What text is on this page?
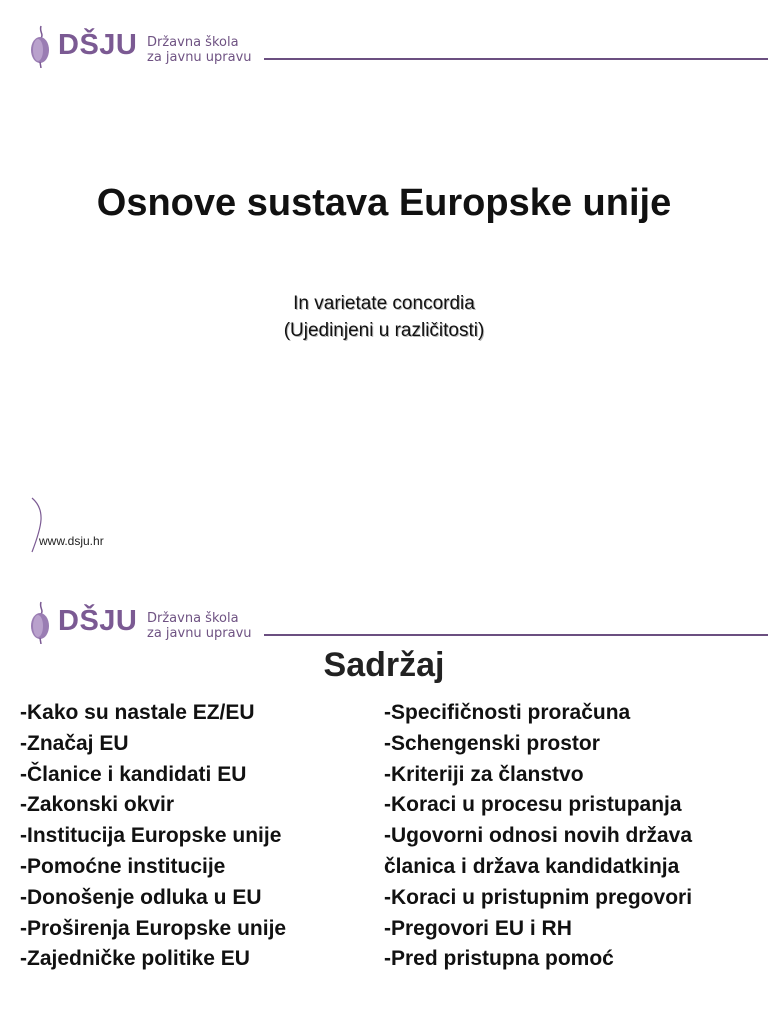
DŠJU Državna škola
za javnu upravu
Osnove sustava Europske unije
In varietate concordia
(Ujedinjeni u različitosti)
www.dsju.hr
DŠJU Državna škola
za javnu upravu
Sadržaj
-Kako su nastale EZ/EU
-Značaj EU
-Članice i kandidati EU
-Zakonski okvir
-Institucija Europske unije
-Pomoćne institucije
-Donošenje odluka u EU
-Proširenja Europske unije
-Zajedničke politike EU
-Specifičnosti proračuna
-Schengenski prostor
-Kriteriji za članstvo
-Koraci u procesu pristupanja
-Ugovorni odnosi novih država
članica i država kandidatkinja
-Koraci u pristupnim pregovori
-Pregovori EU i RH
-Pred pristupna pomoć
